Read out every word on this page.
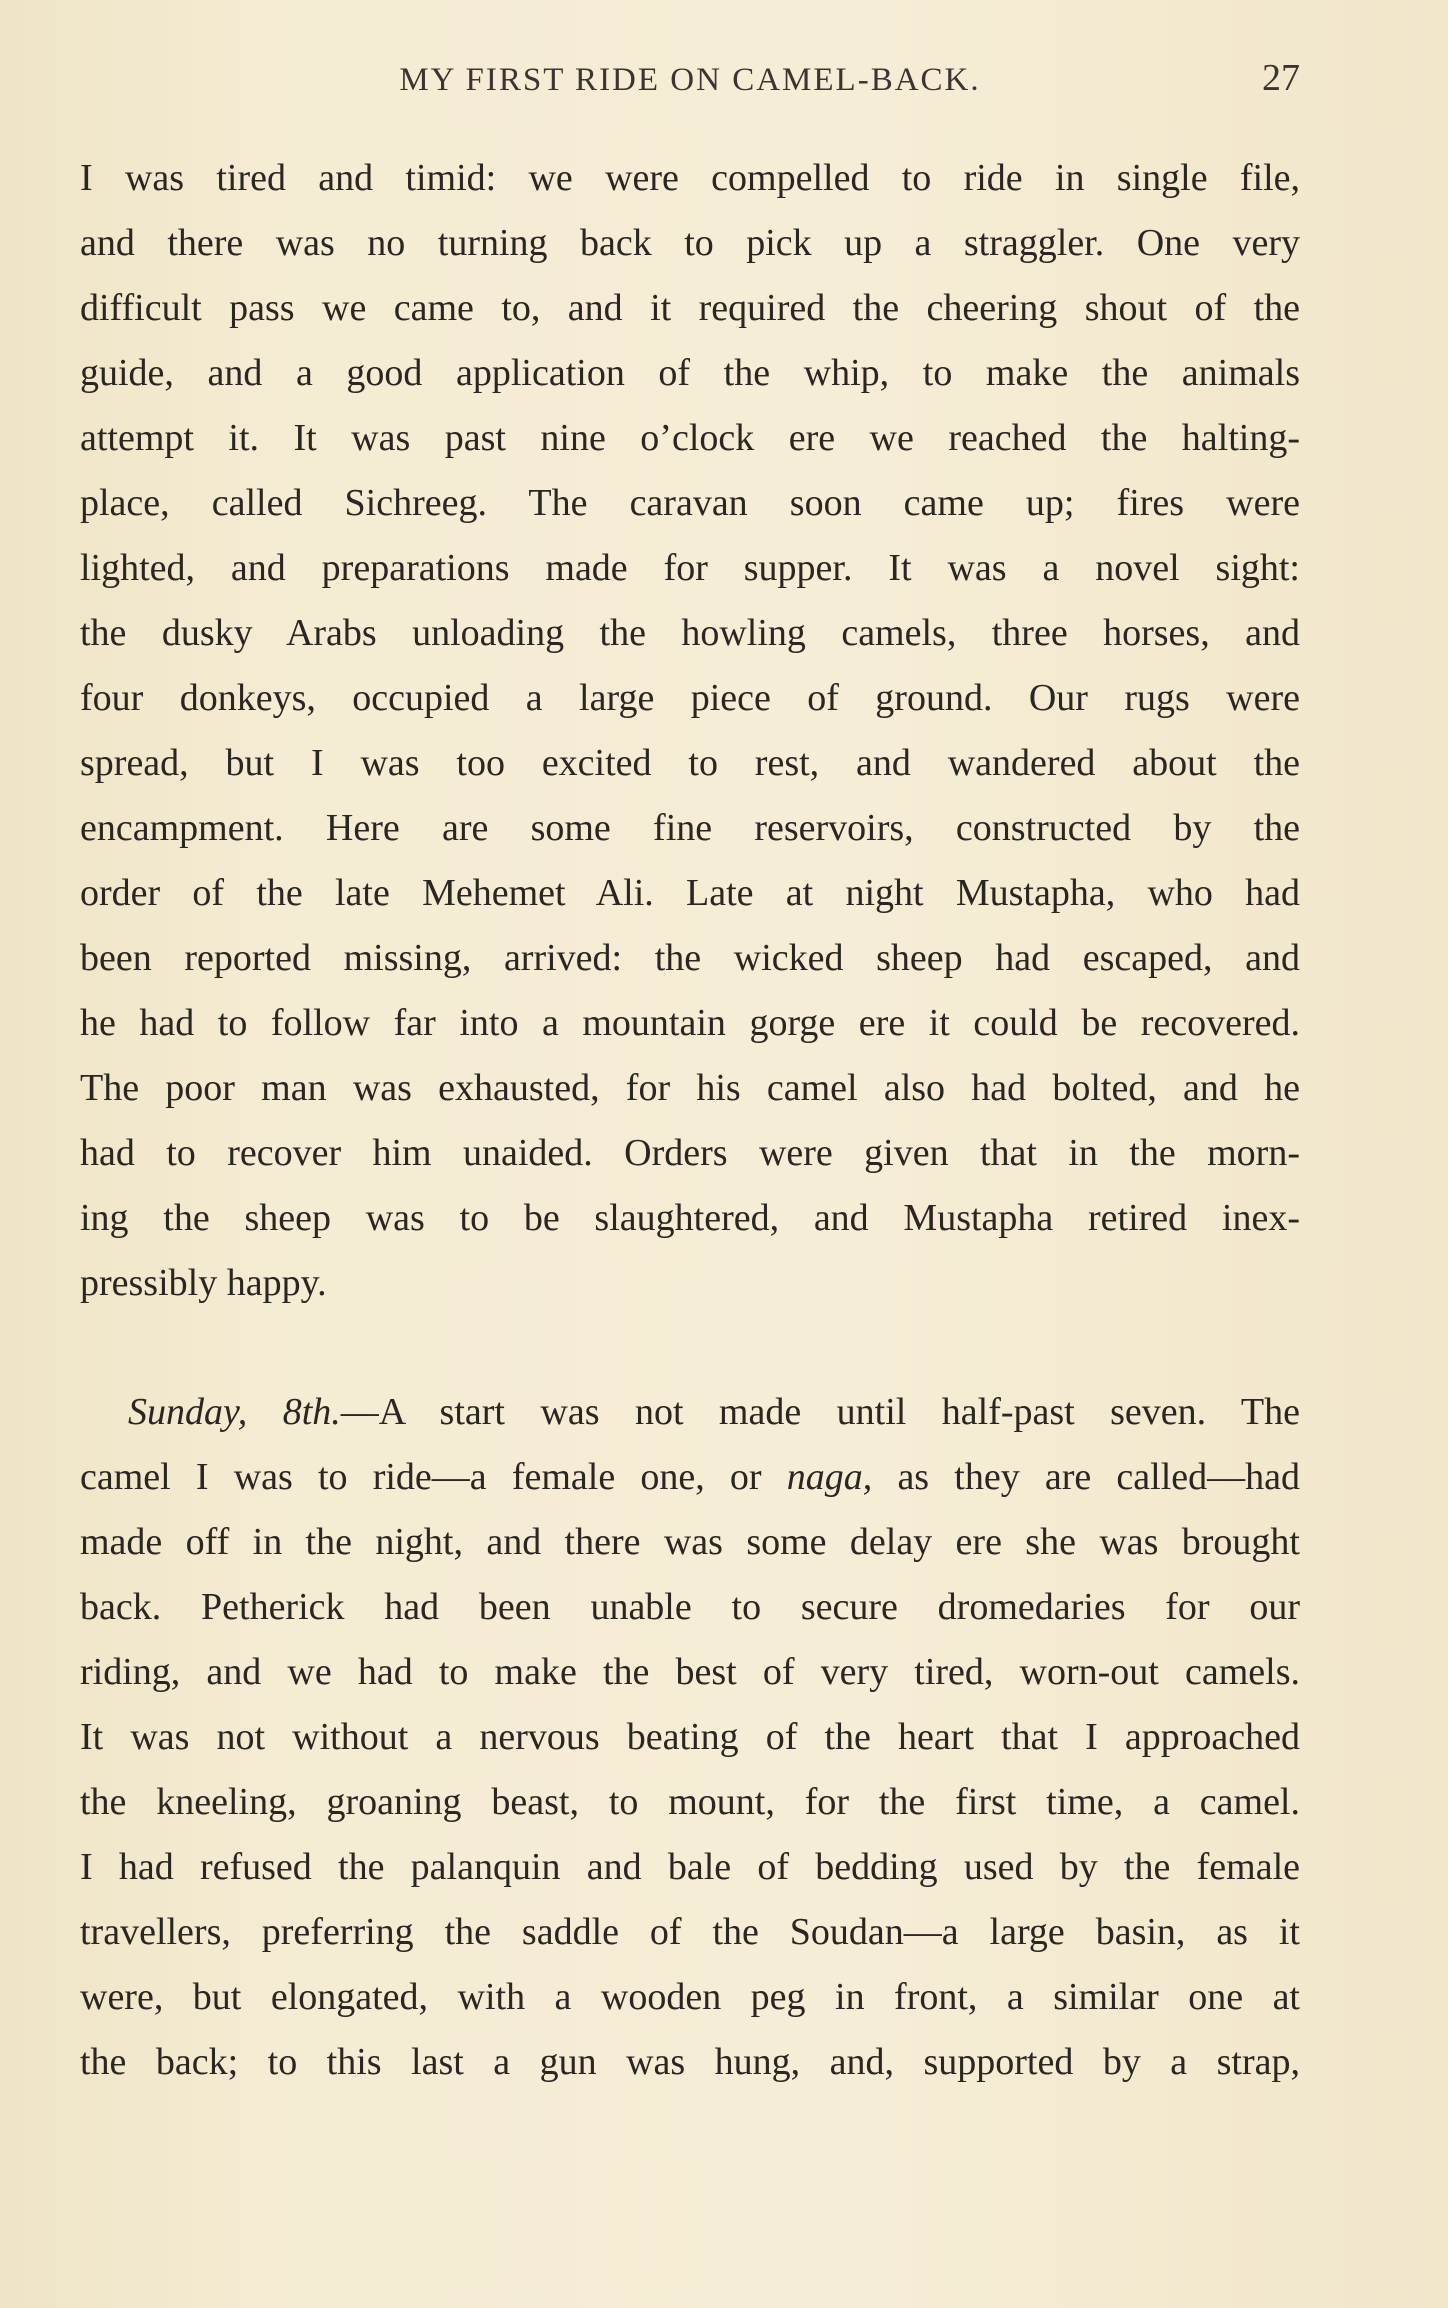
MY FIRST RIDE ON CAMEL-BACK.	27
I was tired and timid: we were compelled to ride in single file,
and there was no turning back to pick up a straggler. One very
difficult pass we came to, and it required the cheering shout of the
guide, and a good application of the whip, to make the animals
attempt it. It was past nine o’clock ere we reached the halting-
place, called Sichreeg. The caravan soon came up; fires were
lighted, and preparations made for supper. It was a novel sight:
the dusky Arabs unloading the howling camels, three horses, and
four donkeys, occupied a large piece of ground. Our rugs were
spread, but I was too excited to rest, and wandered about the
encampment. Here are some fine reservoirs, constructed by the
order of the late Mehemet Ali. Late at night Mustapha, who had
been reported missing, arrived: the wicked sheep had escaped, and
he had to follow far into a mountain gorge ere it could be recovered.
The poor man was exhausted, for his camel also had bolted, and he
had to recover him unaided. Orders were given that in the morn-
ing the sheep was to be slaughtered, and Mustapha retired inex-
pressibly happy.
Sunday, 8th.—A start was not made until half-past seven. The
camel I was to ride—a female one, or naga, as they are called—had
made off in the night, and there was some delay ere she was brought
back. Petherick had been unable to secure dromedaries for our
riding, and we had to make the best of very tired, worn-out camels.
It was not without a nervous beating of the heart that I approached
the kneeling, groaning beast, to mount, for the first time, a camel.
I had refused the palanquin and bale of bedding used by the female
travellers, preferring the saddle of the Soudan—a large basin, as it
were, but elongated, with a wooden peg in front, a similar one at
the back; to this last a gun was hung, and, supported by a strap,
